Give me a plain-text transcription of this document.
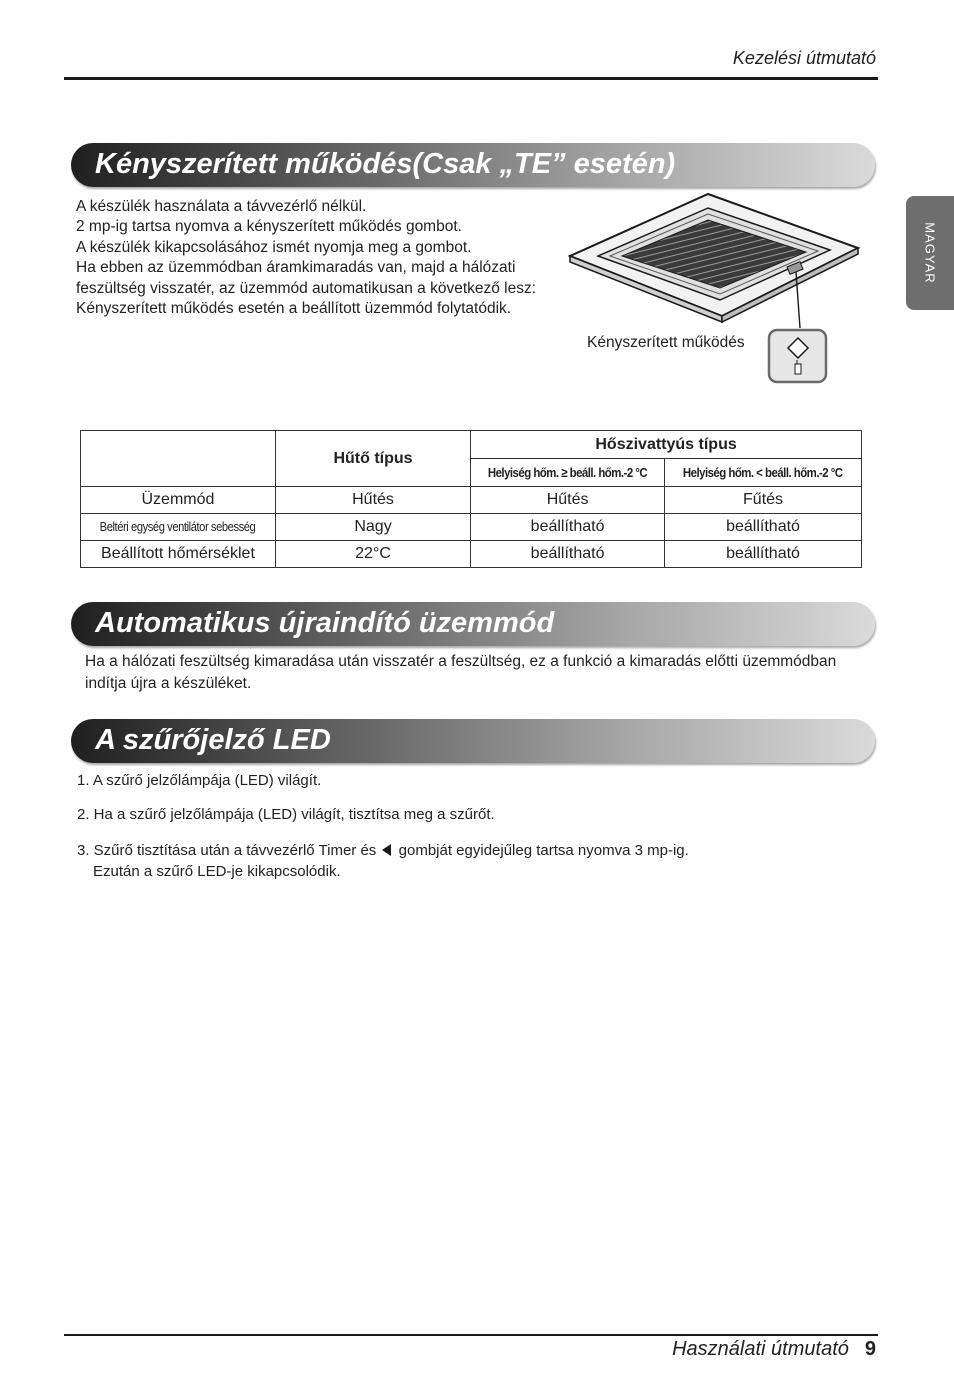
Kezelési útmutató
MAGYAR
Kényszerített működés(Csak „TE” esetén)
A készülék használata a távvezérlő nélkül.
2 mp-ig tartsa nyomva a kényszerített működés gombot.
A készülék kikapcsolásához ismét nyomja meg a gombot.
Ha ebben az üzemmódban áramkimaradás van, majd a hálózati
feszültség visszatér, az üzemmód automatikusan a következő lesz:
Kényszerített működés esetén a beállított üzemmód folytatódik.
Kényszerített működés
	Hűtő típus	Hőszivattyús típus	
		Helyiség hőm. ≥ beáll. hőm.-2 °C	Helyiség hőm. < beáll. hőm.-2 °C
Üzemmód	Hűtés	Hűtés	Fűtés
Beltéri egység ventilátor sebesség	Nagy	beállítható	beállítható
Beállított hőmérséklet	22°C	beállítható	beállítható
Automatikus újraindító üzemmód
Ha a hálózati feszültség kimaradása után visszatér a feszültség, ez a funkció a kimaradás előtti üzemmódban indítja újra a készüléket.
A szűrőjelző LED
1. A szűrő jelzőlámpája (LED) világít.
2. Ha a szűrő jelzőlámpája (LED) világít, tisztítsa meg a szűrőt.
3. Szűrő tisztítása után a távvezérlő Timer és gombját egyidejűleg tartsa nyomva 3 mp-ig.
Ezután a szűrő LED-je kikapcsolódik.
Használati útmutató 9
